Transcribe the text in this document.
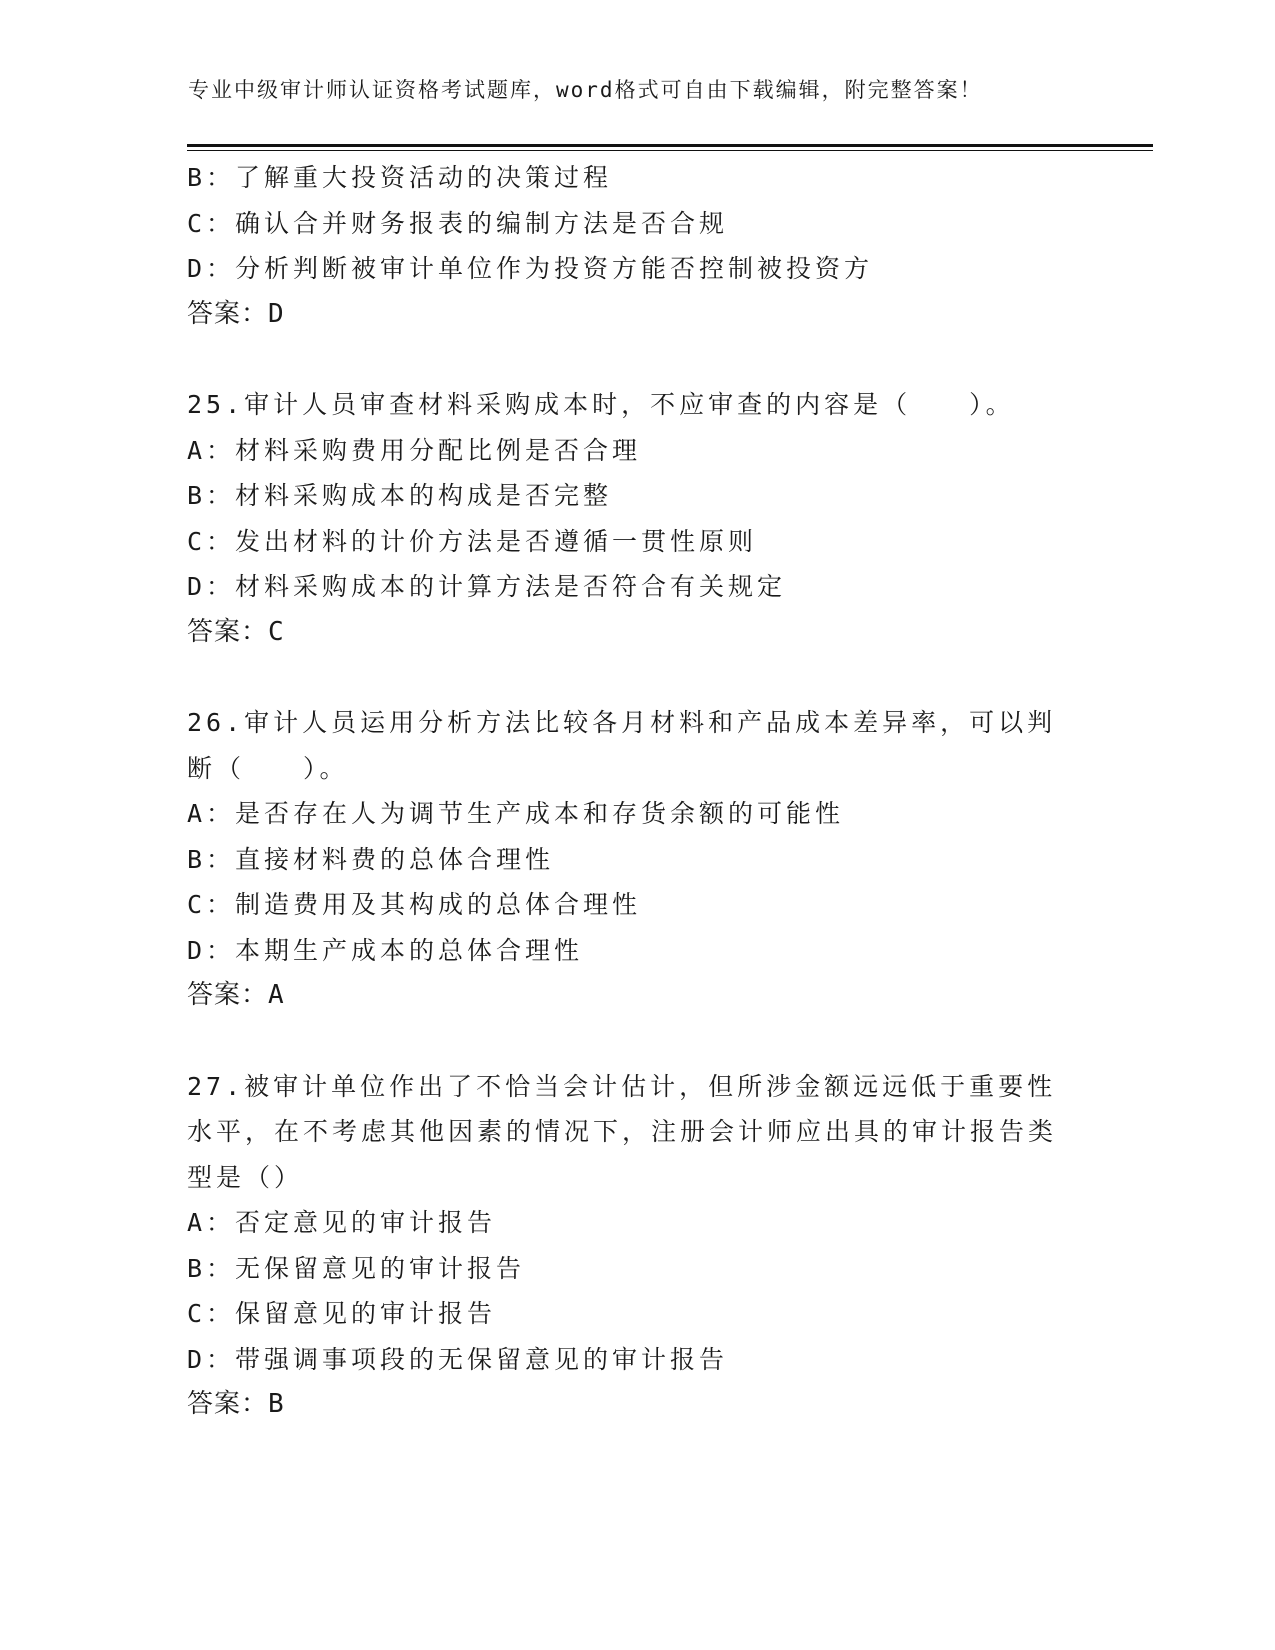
专业中级审计师认证资格考试题库，word格式可自由下载编辑，附完整答案！
B：了解重大投资活动的决策过程
C：确认合并财务报表的编制方法是否合规
D：分析判断被审计单位作为投资方能否控制被投资方
答案：D
25.审计人员审查材料采购成本时，不应审查的内容是（　　）。
A：材料采购费用分配比例是否合理
B：材料采购成本的构成是否完整
C：发出材料的计价方法是否遵循一贯性原则
D：材料采购成本的计算方法是否符合有关规定
答案：C
26.审计人员运用分析方法比较各月材料和产品成本差异率，可以判断（　　）。
A：是否存在人为调节生产成本和存货余额的可能性
B：直接材料费的总体合理性
C：制造费用及其构成的总体合理性
D：本期生产成本的总体合理性
答案：A
27.被审计单位作出了不恰当会计估计，但所涉金额远远低于重要性水平，在不考虑其他因素的情况下，注册会计师应出具的审计报告类型是（）
A：否定意见的审计报告
B：无保留意见的审计报告
C：保留意见的审计报告
D：带强调事项段的无保留意见的审计报告
答案：B
